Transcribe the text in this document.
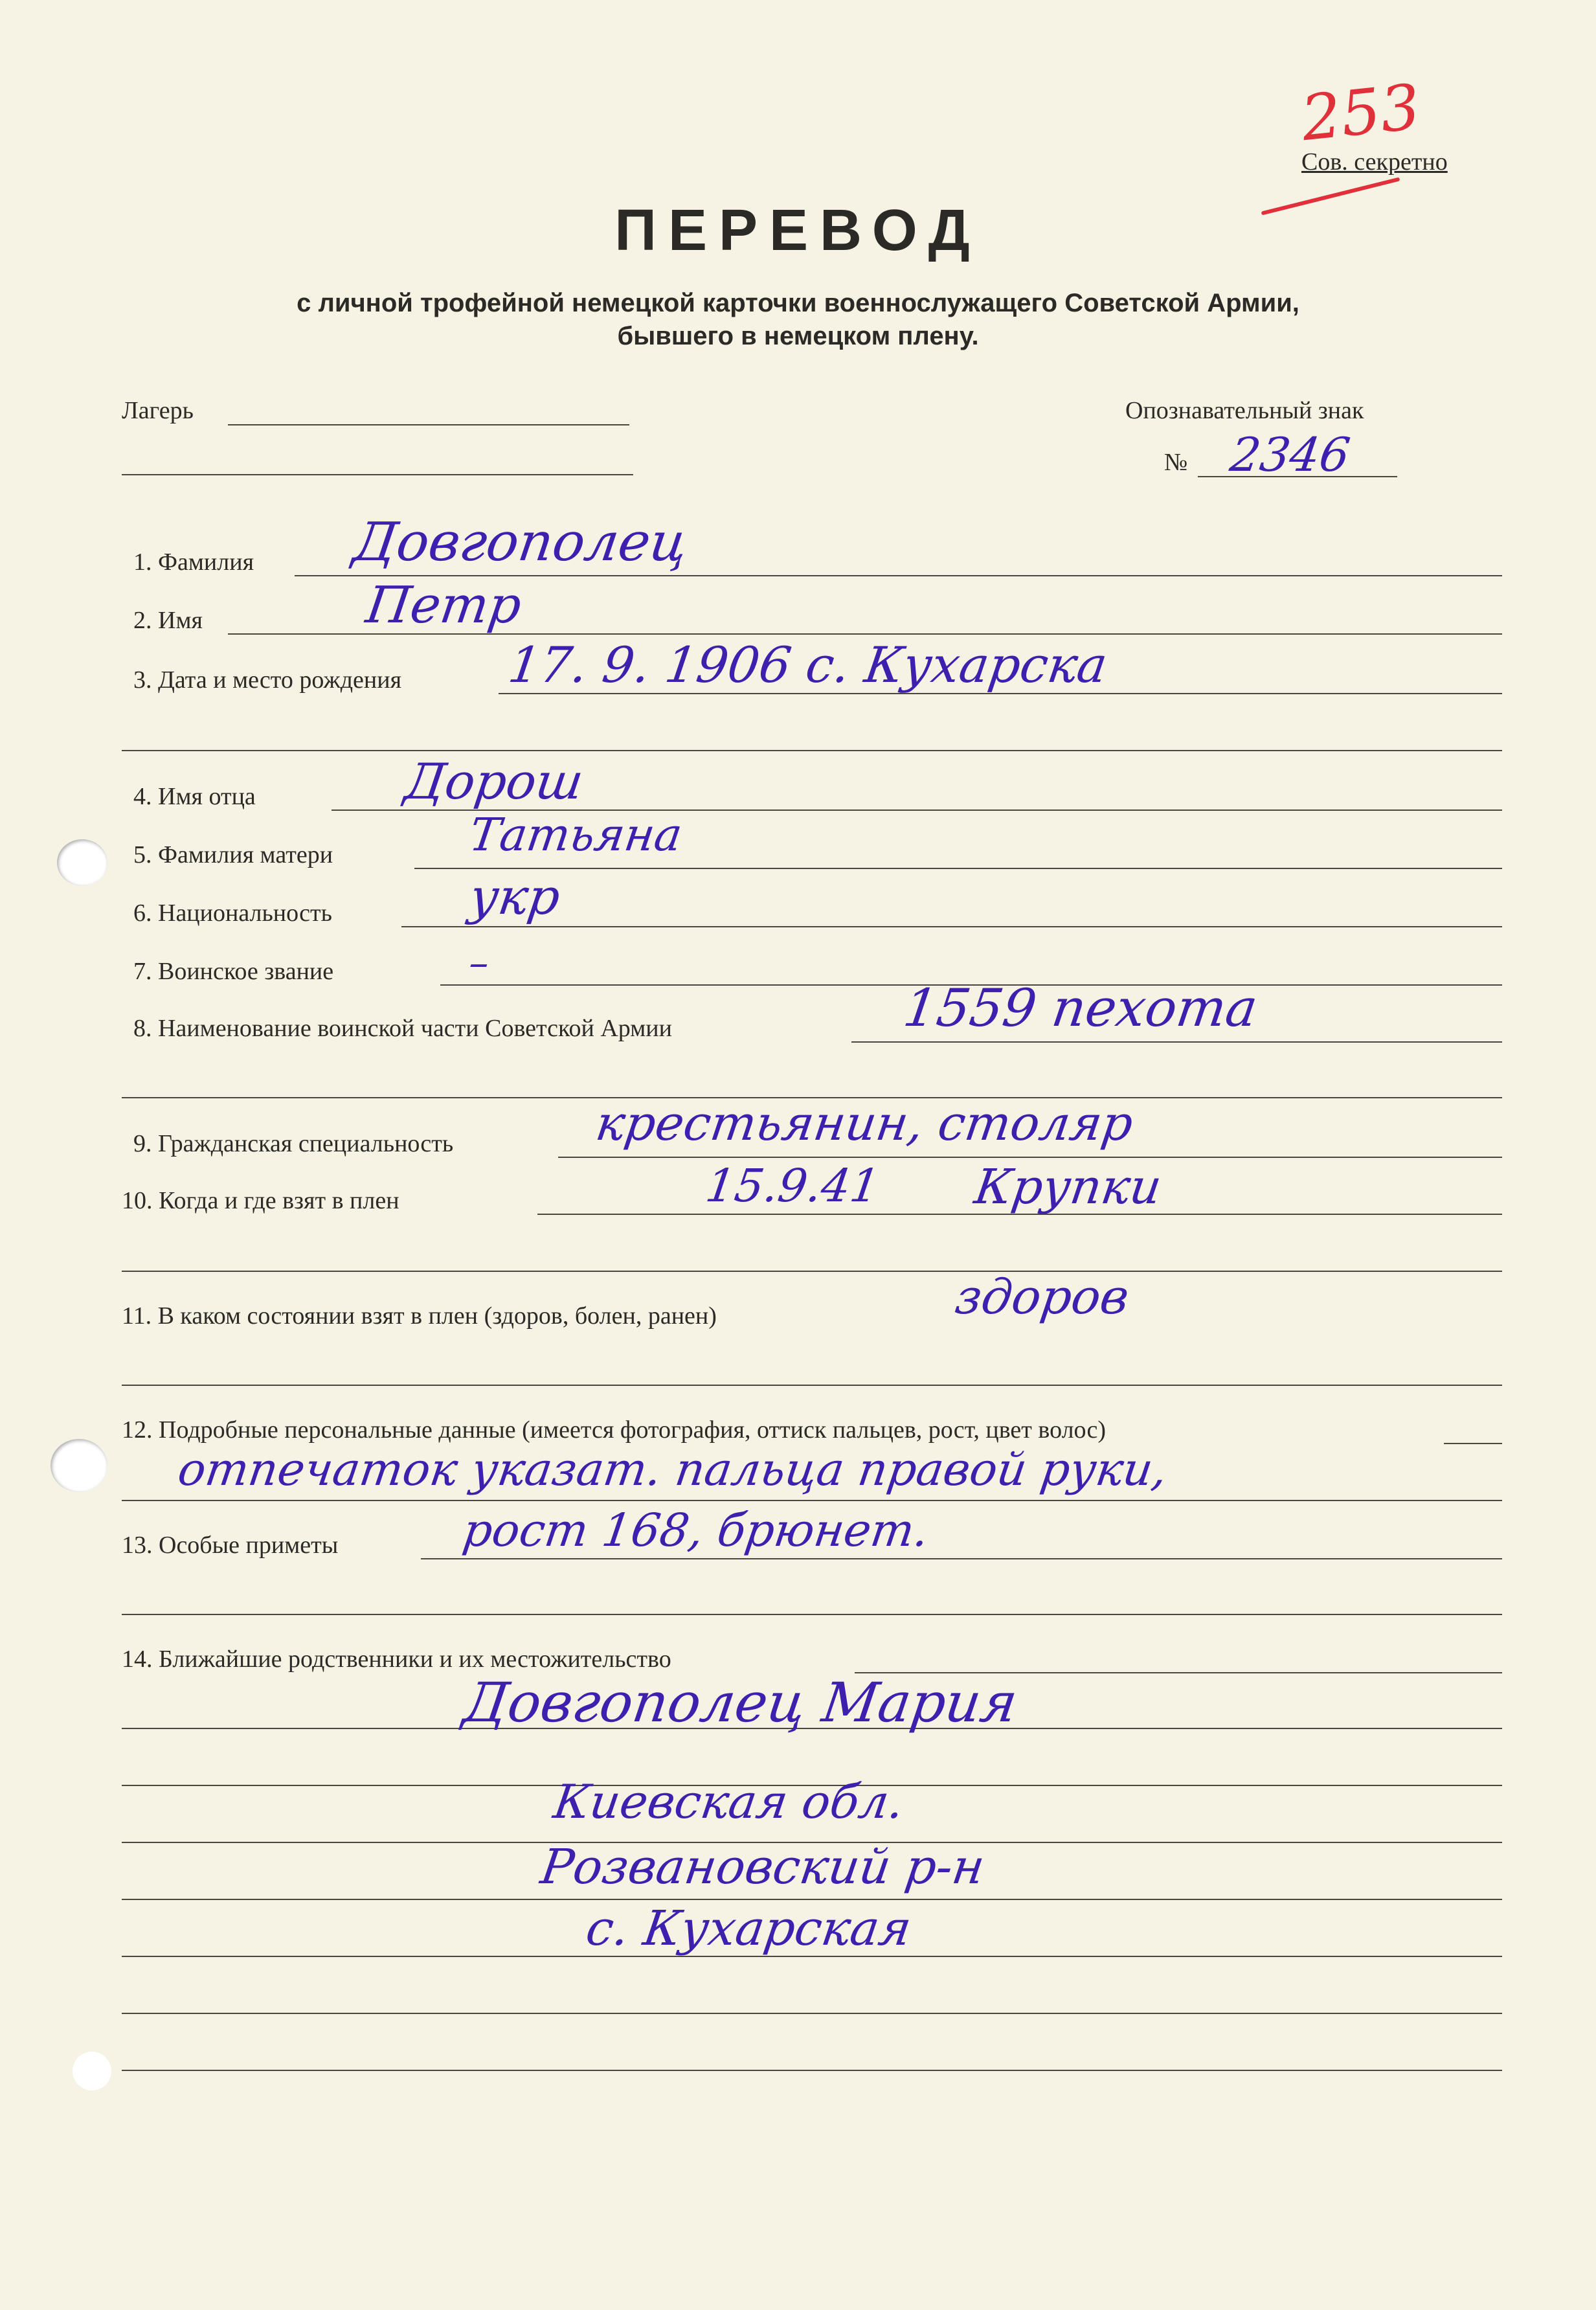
253
Сов. секретно
ПЕРЕВОД
с личной трофейной немецкой карточки военнослужащего Советской Армии,
бывшего в немецком плену.
Лагерь	Опознавательный знак
№ 2346
1. Фамилия Довгополец
2. Имя	Петр
3. Дата и место рождения 17. 9. 1906 с. Кухарска
4. Имя отца	Дорош
5. Фамилия матери	Татьяна
6. Национальность	укр
7. Воинское звание	–
8. Наименование воинской части Советской Армии	1559 пехота
9. Гражданская специальность	крестьянин, столяр
10. Когда и где взят в плен	15.9.41 Крупки
11. В каком состоянии взят в плен (здоров, болен, ранен)	здоров
12. Подробные персональные данные (имеется фотография, оттиск пальцев, рост, цвет волос)
отпечаток указат. пальца правой руки,
13. Особые приметы	рост 168, брюнет.
14. Ближайшие родственники и их местожительство
Довгополец Мария
Киевская обл.
Розвановский р-н
с. Кухарская
